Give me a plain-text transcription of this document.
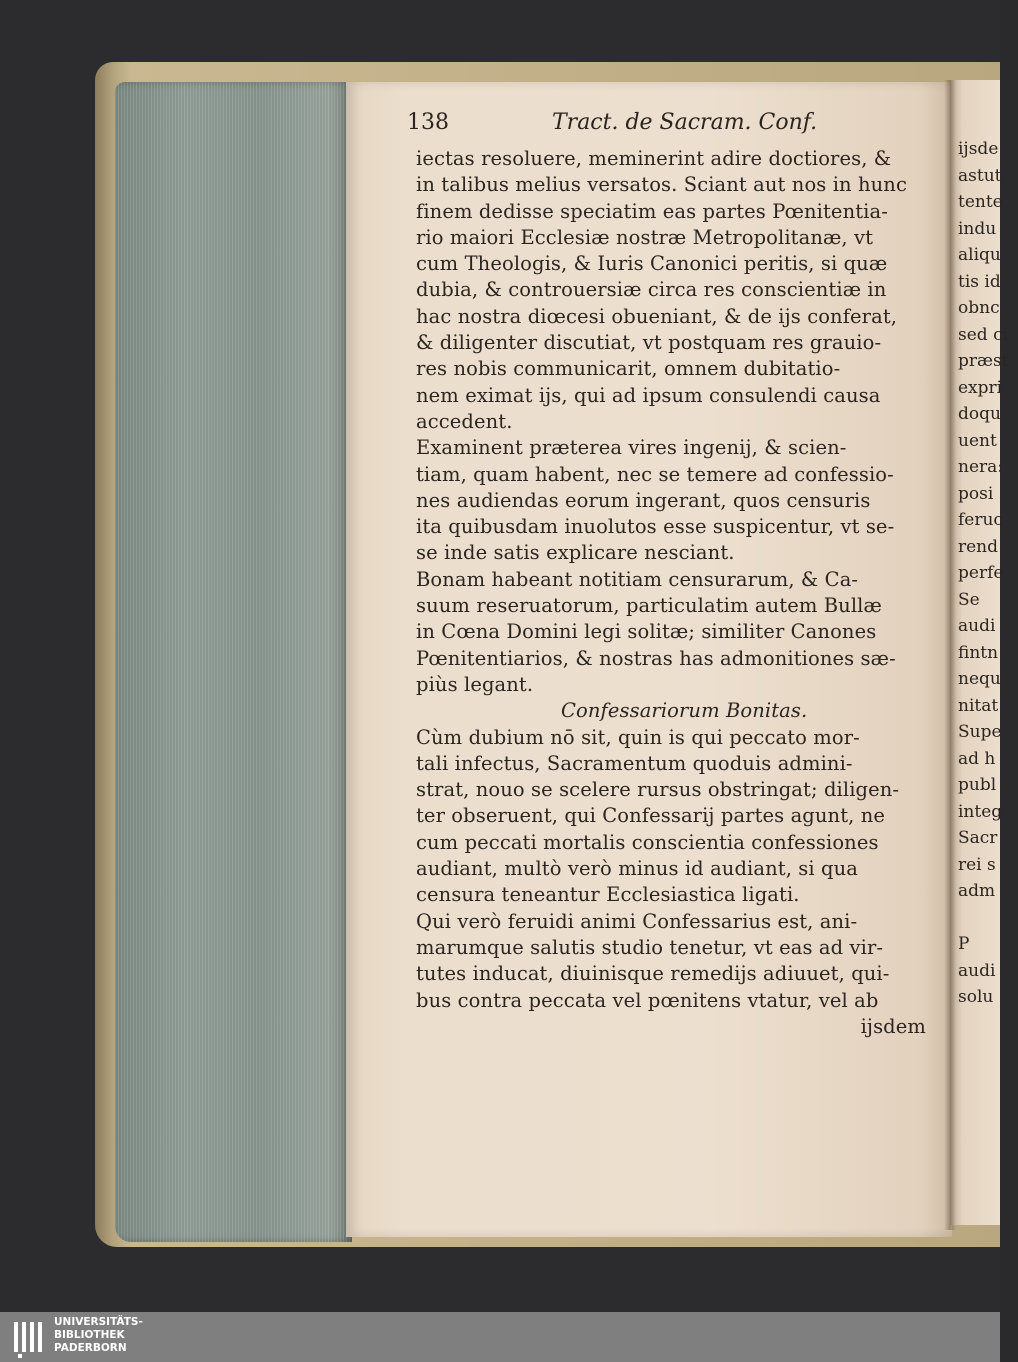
138	Tract. de Sacram. Conf.
iectas resoluere, meminerint adire doctiores, &
in talibus melius versatos. Sciant aut nos in hunc
finem dedisse speciatim eas partes Pœnitentia-
rio maiori Ecclesiæ nostræ Metropolitanæ, vt
cum Theologis, & Iuris Canonici peritis, si quæ
dubia, & controuersiæ circa res conscientiæ in
hac nostra diœcesi obueniant, & de ijs conferat,
& diligenter discutiat, vt postquam res grauio-
res nobis communicarit, omnem dubitatio-
nem eximat ijs, qui ad ipsum consulendi causa
accedent.
Examinent præterea vires ingenij, & scien-
tiam, quam habent, nec se temere ad confessio-
nes audiendas eorum ingerant, quos censuris
ita quibusdam inuolutos esse suspicentur, vt se-
se inde satis explicare nesciant.
Bonam habeant notitiam censurarum, & Ca-
suum reseruatorum, particulatim autem Bullæ
in Cœna Domini legi solitæ; similiter Canones
Pœnitentiarios, & nostras has admonitiones sæ-
piùs legant.
Confessariorum Bonitas.
Cùm dubium nō sit, quin is qui peccato mor-
tali infectus, Sacramentum quoduis admini-
strat, nouo se scelere rursus obstringat; diligen-
ter obseruent, qui Confessarij partes agunt, ne
cum peccati mortalis conscientia confessiones
audiant, multò verò minus id audiant, si qua
censura teneantur Ecclesiastica ligati.
Qui verò feruidi animi Confessarius est, ani-
marumque salutis studio tenetur, vt eas ad vir-
tutes inducat, diuinisque remedijs adiuuet, qui-
bus contra peccata vel pœnitens vtatur, vel ab
ijsdem
ijsde
astut
tente
indu
aliqu
tis id
obnc
sed ci
præst
expri
doqu
uent
nera:
posi
feruc
rend
perfe
Se
audi
fintn
nequ
nitat
Supe
ad h
publ
integ
Sacr
rei s
adm
P
audi
solu
UNIVERSITÄTS-
BIBLIOTHEK
PADERBORN
